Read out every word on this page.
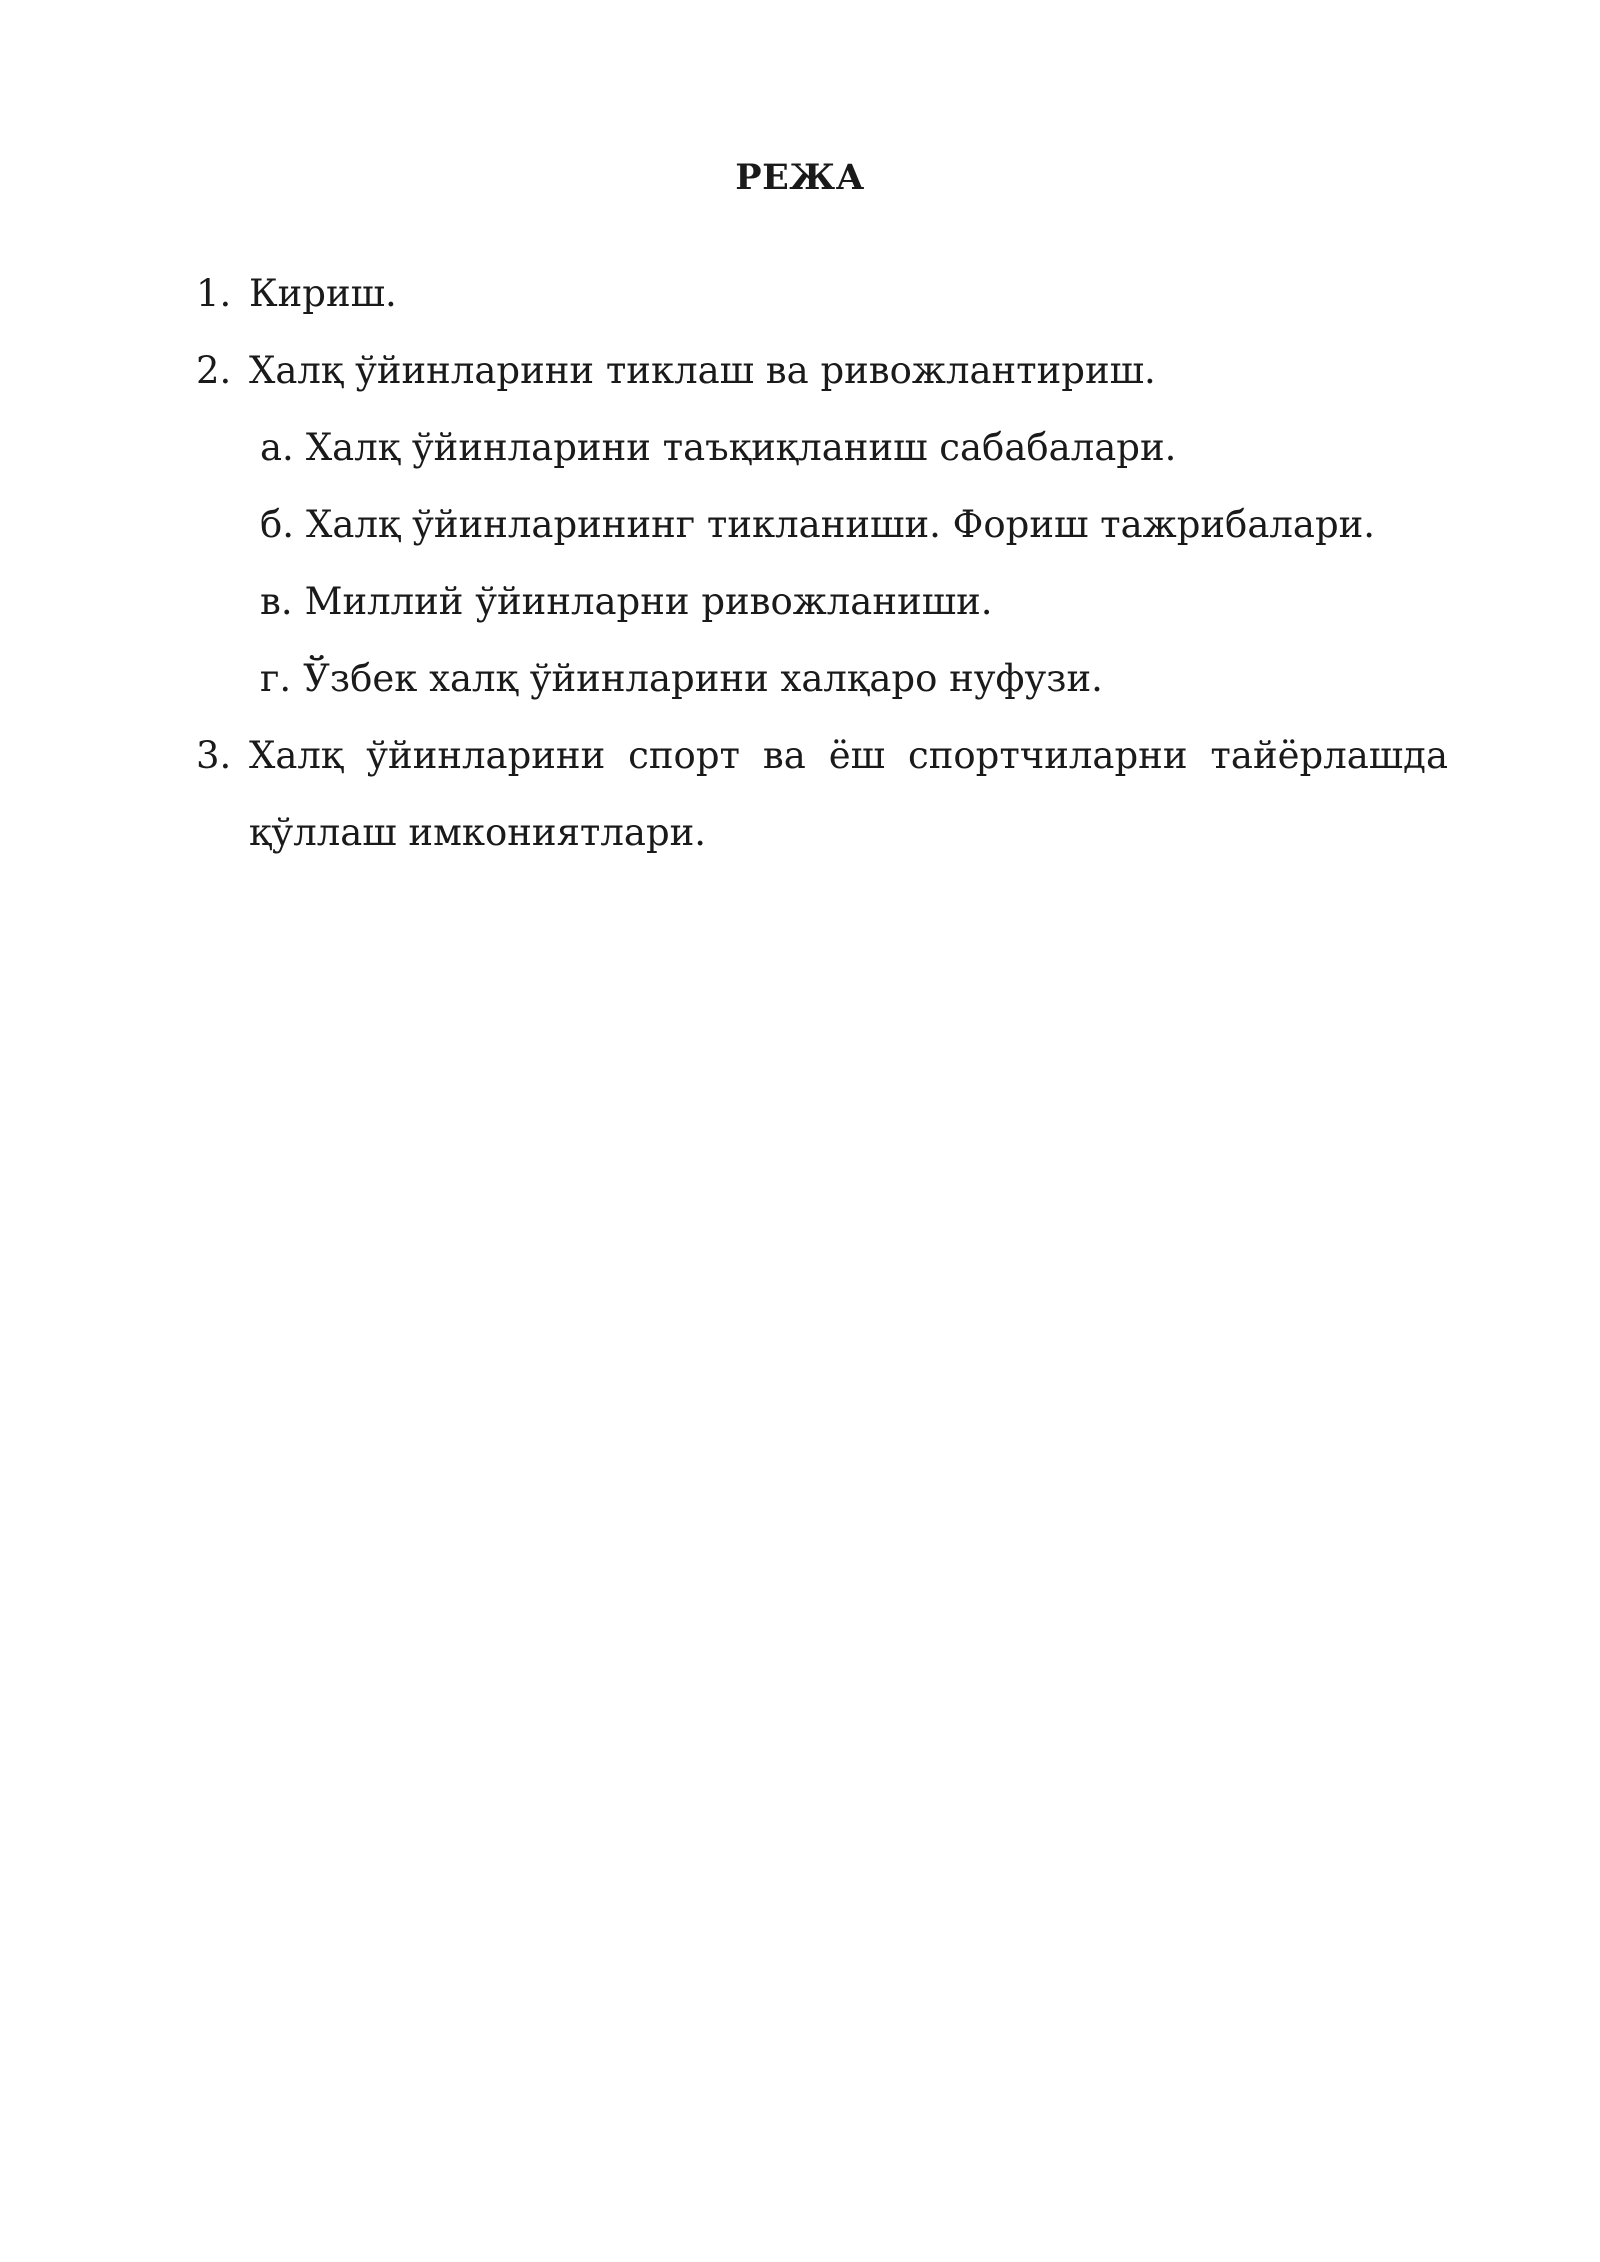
РЕЖА
1. Кириш.
2. Халқ ўйинларини тиклаш ва ривожлантириш.
а. Халқ ўйинларини таъқиқланиш сабабалари.
б. Халқ ўйинларининг тикланиши. Фориш тажрибалари.
в. Миллий ўйинларни ривожланиши.
г. Ўзбек халқ ўйинларини халқаро нуфузи.
3. Халқ ўйинларини спорт ва ёш спортчиларни тайёрлашда қўллаш имкониятлари.
